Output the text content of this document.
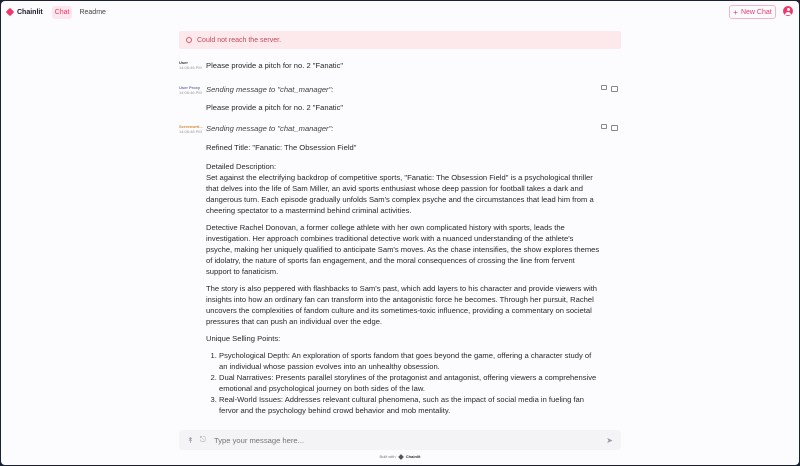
Chainlit	Chat	Readme	+ New Chat
Could not reach the server.
User
14:06:46 PM Please provide a pitch for no. 2 "Fanatic"

User Proxy
14:06:46 PM Sending message to "chat_manager":

Please provide a pitch for no. 2 "Fanatic"

Screenwrit...
14:06:48 PM Sending message to "chat_manager":

Refined Title: "Fanatic: The Obsession Field"

Detailed Description:

Set against the electrifying backdrop of competitive sports, "Fanatic: The Obsession Field" is a psychological thriller that delves into the life of Sam Miller, an avid sports enthusiast whose deep passion for football takes a dark and dangerous turn. Each episode gradually unfolds Sam's complex psyche and the circumstances that lead him from a cheering spectator to a mastermind behind criminal activities.

Detective Rachel Donovan, a former college athlete with her own complicated history with sports, leads the investigation. Her approach combines traditional detective work with a nuanced understanding of the athlete's psyche, making her uniquely qualified to anticipate Sam's moves. As the chase intensifies, the show explores themes of idolatry, the nature of sports fan engagement, and the moral consequences of crossing the line from fervent support to fanaticism.

The story is also peppered with flashbacks to Sam's past, which add layers to his character and provide viewers with insights into how an ordinary fan can transform into the antagonistic force he becomes. Through her pursuit, Rachel uncovers the complexities of fandom culture and its sometimes-toxic influence, providing a commentary on societal pressures that can push an individual over the edge.

Unique Selling Points:

1. Psychological Depth: An exploration of sports fandom that goes beyond the game, offering a character study of an individual whose passion evolves into an unhealthy obsession.
2. Dual Narratives: Presents parallel storylines of the protagonist and antagonist, offering viewers a comprehensive emotional and psychological journey on both sides of the law.
3. Real-World Issues: Addresses relevant cultural phenomena, such as the impact of social media in fueling fan fervor and the psychology behind crowd behavior and mob mentality.
↟ ⎋
Type your message here...	➤
Built with	Chainlit
